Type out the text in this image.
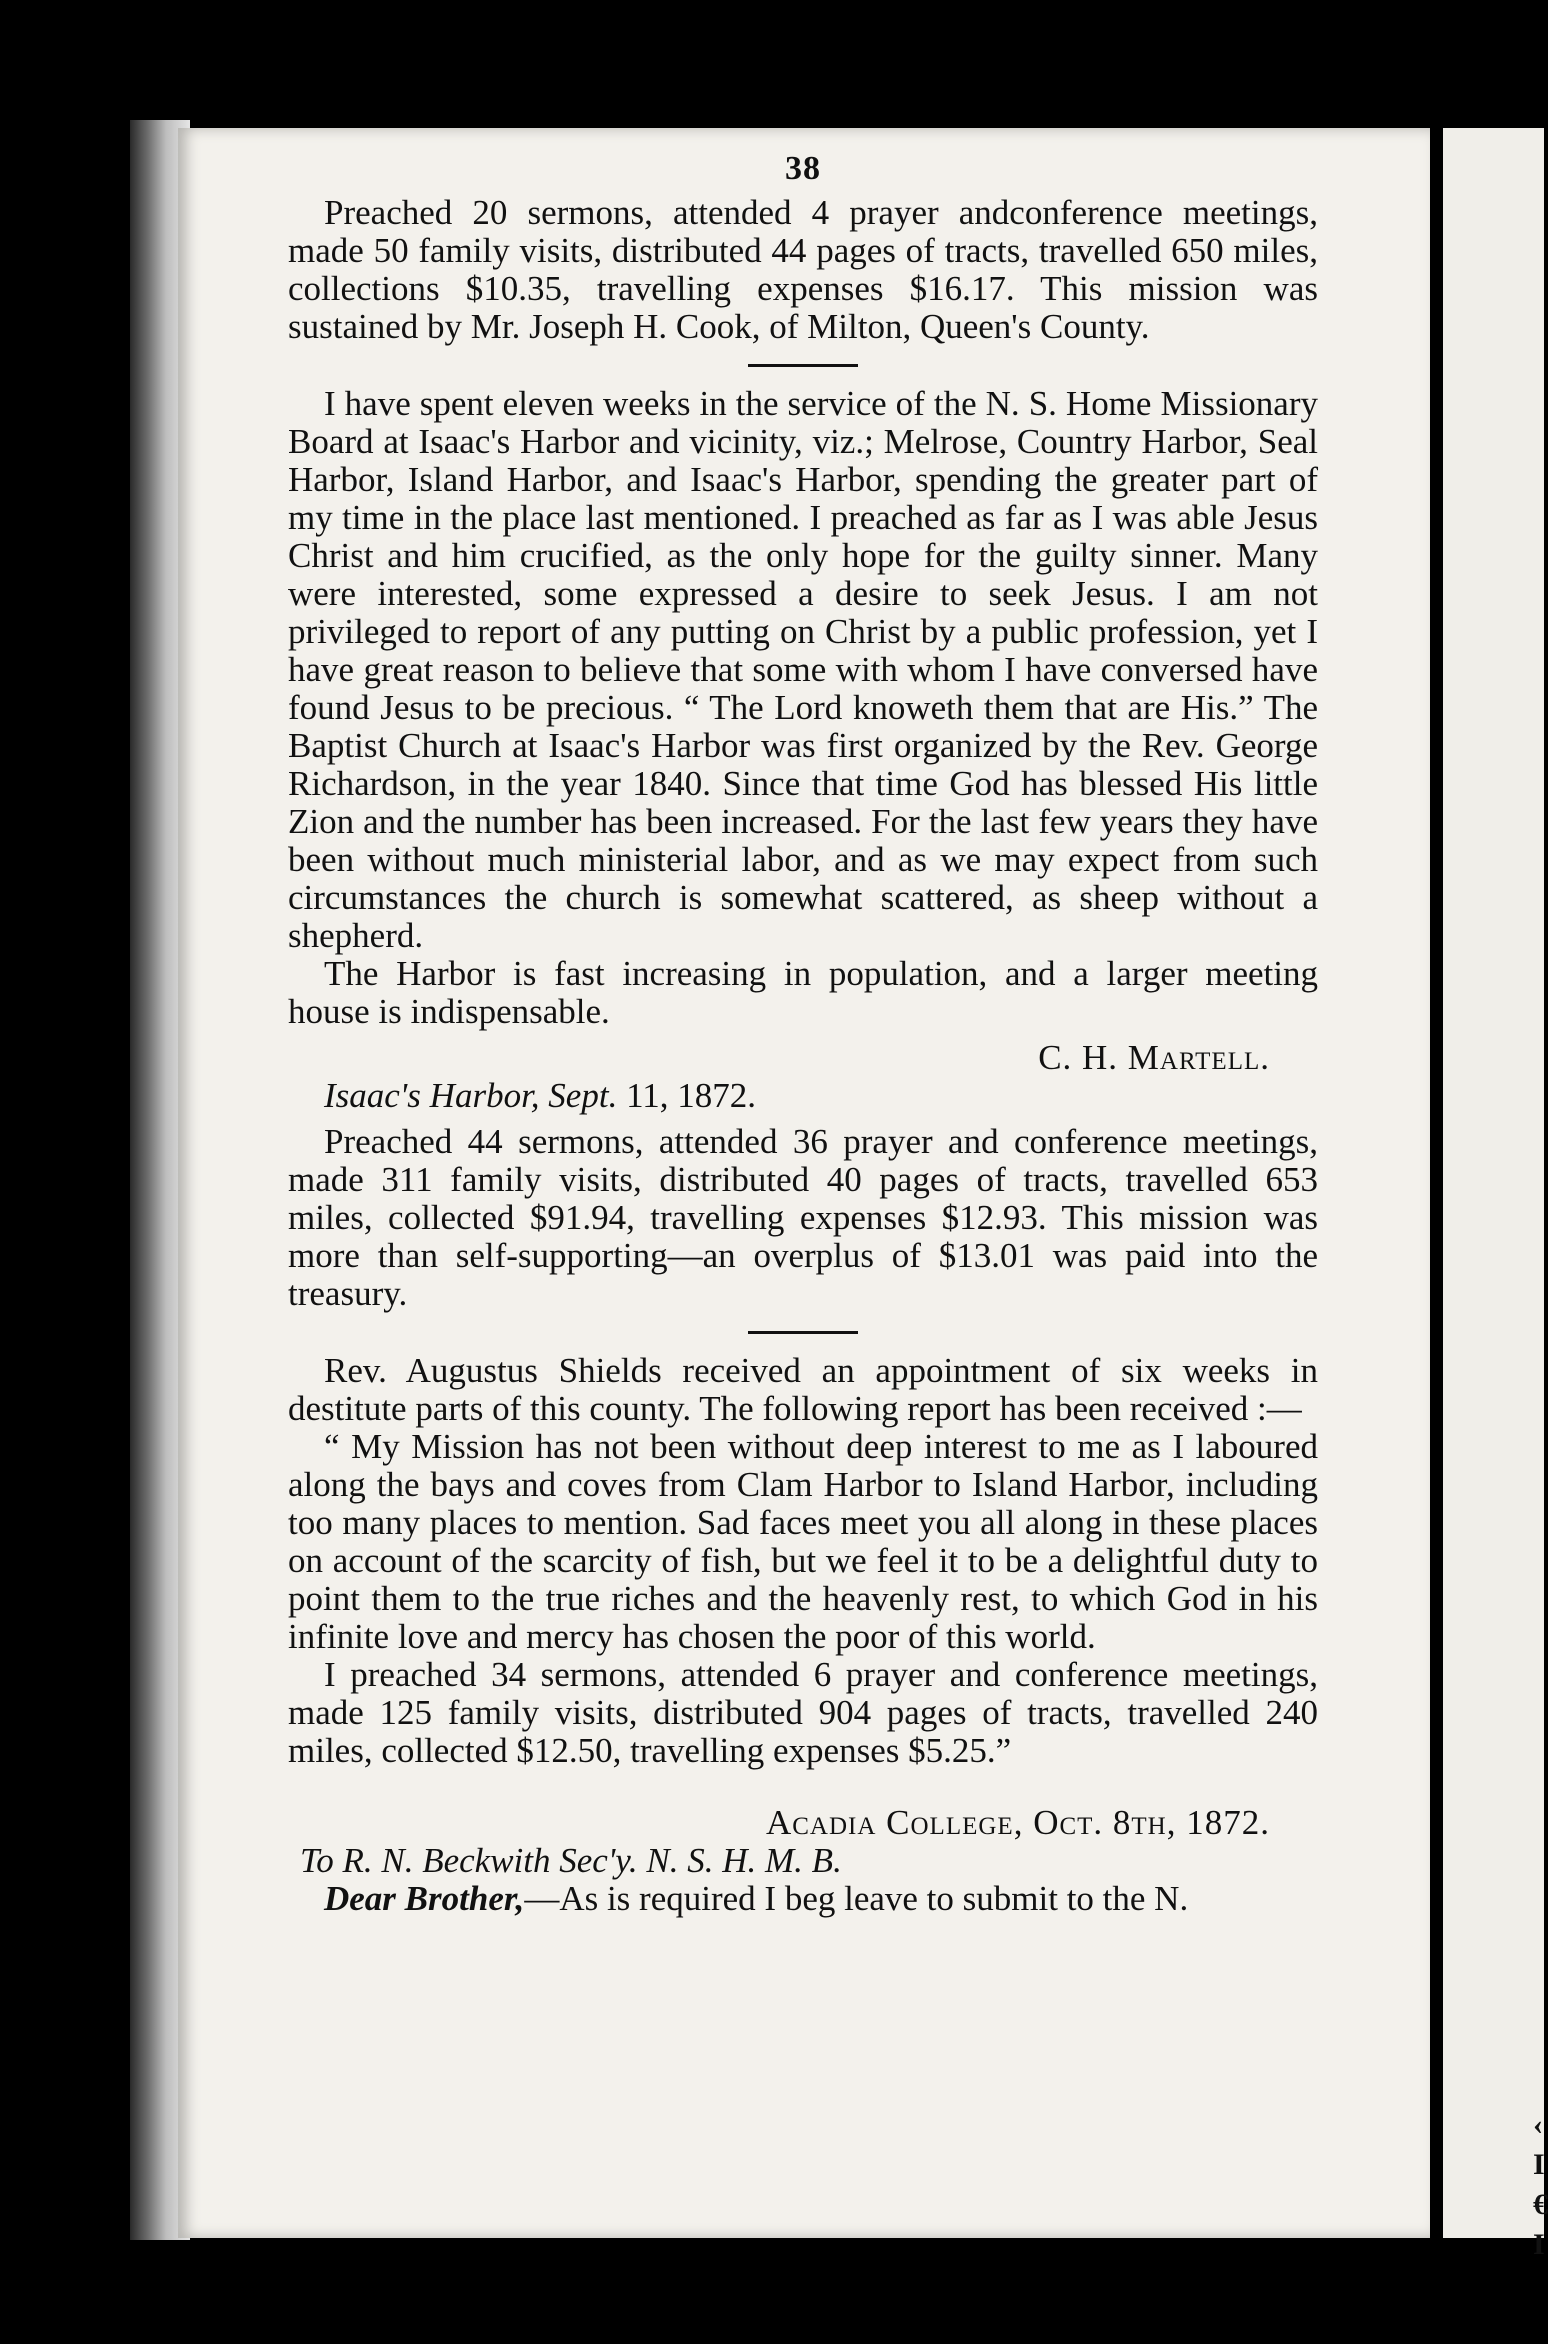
‹
I
€
I
38

Preached 20 sermons, attended 4 prayer andconference meetings, made 50 family visits, distributed 44 pages of tracts, travelled 650 miles, collections $10.35, travelling expenses $16.17. This mission was sustained by Mr. Joseph H. Cook, of Milton, Queen's County.

I have spent eleven weeks in the service of the N. S. Home Missionary Board at Isaac's Harbor and vicinity, viz.; Melrose, Country Harbor, Seal Harbor, Island Harbor, and Isaac's Harbor, spending the greater part of my time in the place last mentioned. I preached as far as I was able Jesus Christ and him crucified, as the only hope for the guilty sinner. Many were interested, some expressed a desire to seek Jesus. I am not privileged to report of any putting on Christ by a public profession, yet I have great reason to believe that some with whom I have conversed have found Jesus to be precious. “ The Lord knoweth them that are His.” The Baptist Church at Isaac's Harbor was first organized by the Rev. George Richardson, in the year 1840. Since that time God has blessed His little Zion and the number has been increased. For the last few years they have been without much ministerial labor, and as we may expect from such circumstances the church is somewhat scattered, as sheep without a shepherd.

The Harbor is fast increasing in population, and a larger meeting house is indispensable.

C. H. Martell.
Isaac's Harbor, Sept. 11, 1872.

Preached 44 sermons, attended 36 prayer and conference meetings, made 311 family visits, distributed 40 pages of tracts, travelled 653 miles, collected $91.94, travelling expenses $12.93. This mission was more than self-supporting—an overplus of $13.01 was paid into the treasury.

Rev. Augustus Shields received an appointment of six weeks in destitute parts of this county. The following report has been received :—

“ My Mission has not been without deep interest to me as I laboured along the bays and coves from Clam Harbor to Island Harbor, including too many places to mention. Sad faces meet you all along in these places on account of the scarcity of fish, but we feel it to be a delightful duty to point them to the true riches and the heavenly rest, to which God in his infinite love and mercy has chosen the poor of this world.

I preached 34 sermons, attended 6 prayer and conference meetings, made 125 family visits, distributed 904 pages of tracts, travelled 240 miles, collected $12.50, travelling expenses $5.25.”

Acadia College, Oct. 8th, 1872.
To R. N. Beckwith Sec'y. N. S. H. M. B.

Dear Brother,—As is required I beg leave to submit to the N.
